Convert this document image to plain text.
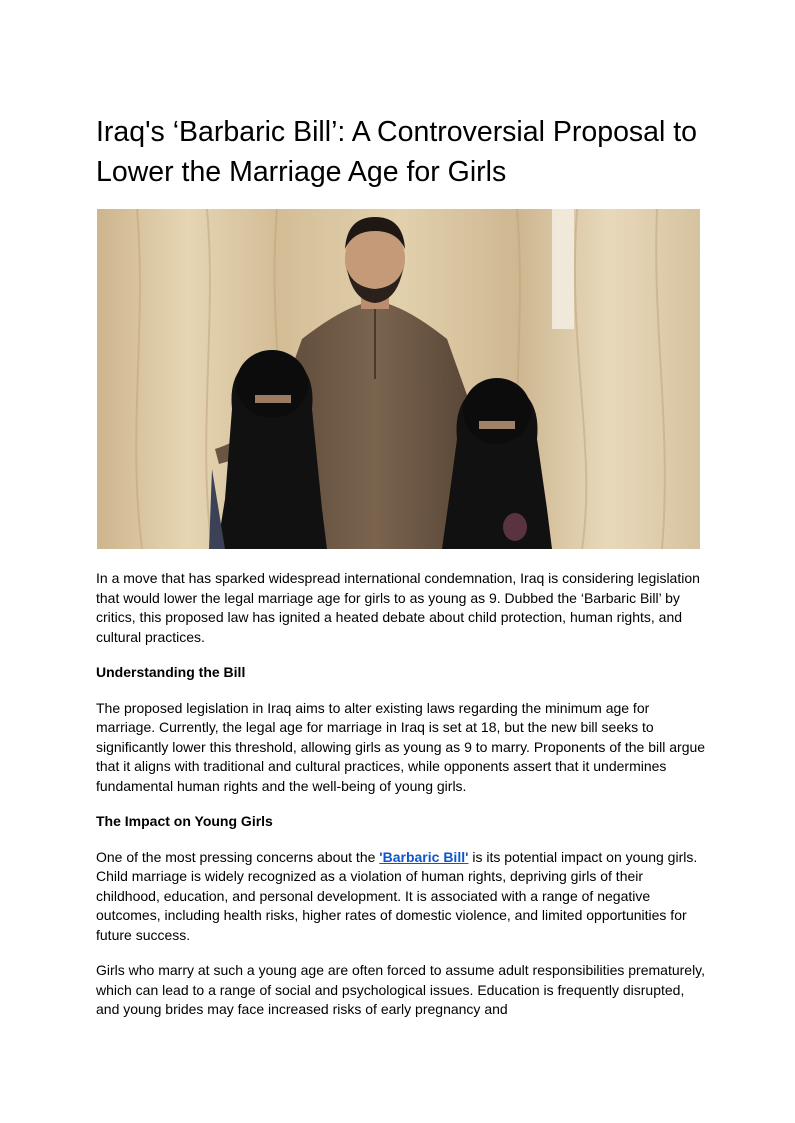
Iraq's ‘Barbaric Bill’: A Controversial Proposal to Lower the Marriage Age for Girls

In a move that has sparked widespread international condemnation, Iraq is considering legislation that would lower the legal marriage age for girls to as young as 9. Dubbed the ‘Barbaric Bill’ by critics, this proposed law has ignited a heated debate about child protection, human rights, and cultural practices.

Understanding the Bill

The proposed legislation in Iraq aims to alter existing laws regarding the minimum age for marriage. Currently, the legal age for marriage in Iraq is set at 18, but the new bill seeks to significantly lower this threshold, allowing girls as young as 9 to marry. Proponents of the bill argue that it aligns with traditional and cultural practices, while opponents assert that it undermines fundamental human rights and the well-being of young girls.

The Impact on Young Girls

One of the most pressing concerns about the 'Barbaric Bill' is its potential impact on young girls. Child marriage is widely recognized as a violation of human rights, depriving girls of their childhood, education, and personal development. It is associated with a range of negative outcomes, including health risks, higher rates of domestic violence, and limited opportunities for future success.

Girls who marry at such a young age are often forced to assume adult responsibilities prematurely, which can lead to a range of social and psychological issues. Education is frequently disrupted, and young brides may face increased risks of early pregnancy and
